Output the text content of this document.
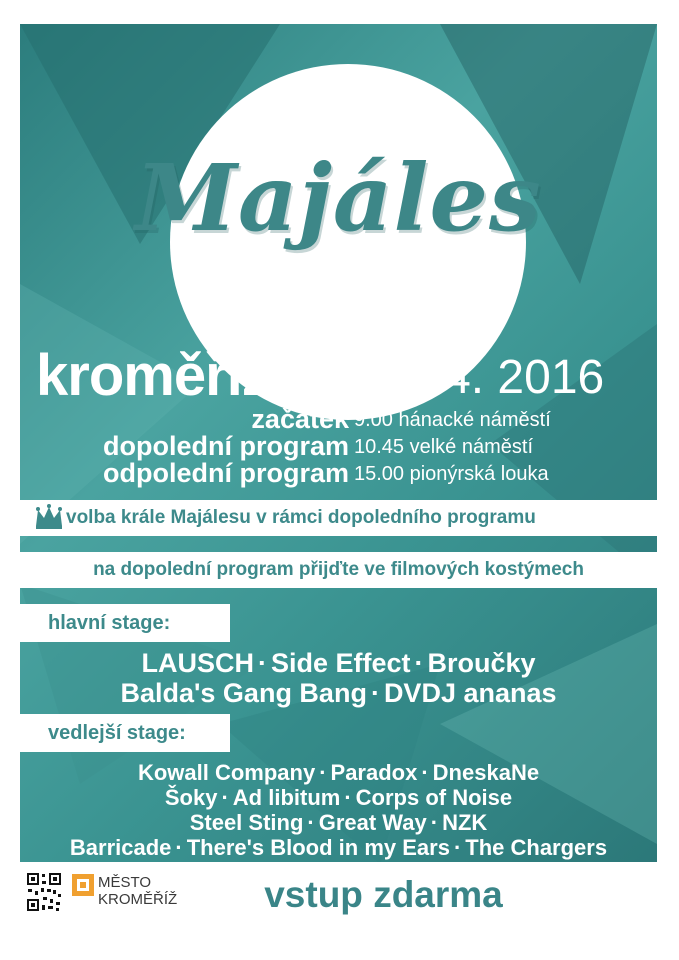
Majáles
kroměříž 29. 4. 2016
začátek 9.00 hánacké náměstí
dopolední program 10.45 velké náměstí
odpolední program 15.00 pionýrská louka
volba krále Majálesu v rámci dopoledního programu
na dopolední program přijďte ve filmových kostýmech
hlavní stage:
LAUSCH · Side Effect · Broučky
Balda's Gang Bang · DVDJ ananas
vedlejší stage:
Kowall Company · Paradox · DneskaNe
Šoky · Ad libitum · Corps of Noise
Steel Sting · Great Way · NZK
Barricade · There's Blood in my Ears · The Chargers
MĚSTO
KROMĚŘÍŽ	vstup zdarma
